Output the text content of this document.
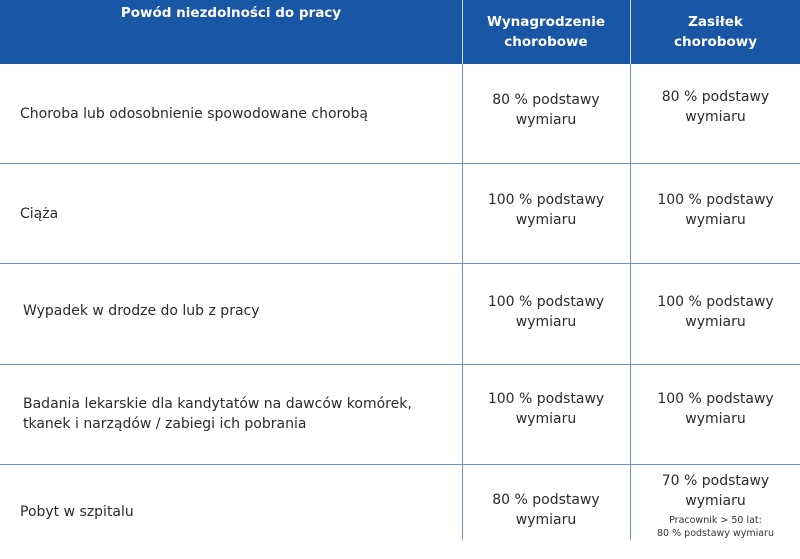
Powód niezdolności do pracy
Wynagrodzenie
chorobowe
Zasiłek
chorobowy
Choroba lub odosobnienie spowodowane chorobą
80 % podstawy
wymiaru
80 % podstawy
wymiaru
Ciąża
100 % podstawy
wymiaru
100 % podstawy
wymiaru
Wypadek w drodze do lub z pracy
100 % podstawy
wymiaru
100 % podstawy
wymiaru
Badania lekarskie dla kandytatów na dawców komórek,
tkanek i narządów / zabiegi ich pobrania
100 % podstawy
wymiaru
100 % podstawy
wymiaru
Pobyt w szpitalu
80 % podstawy
wymiaru
70 % podstawy
wymiaru
Pracownik > 50 lat:
80 % podstawy wymiaru
